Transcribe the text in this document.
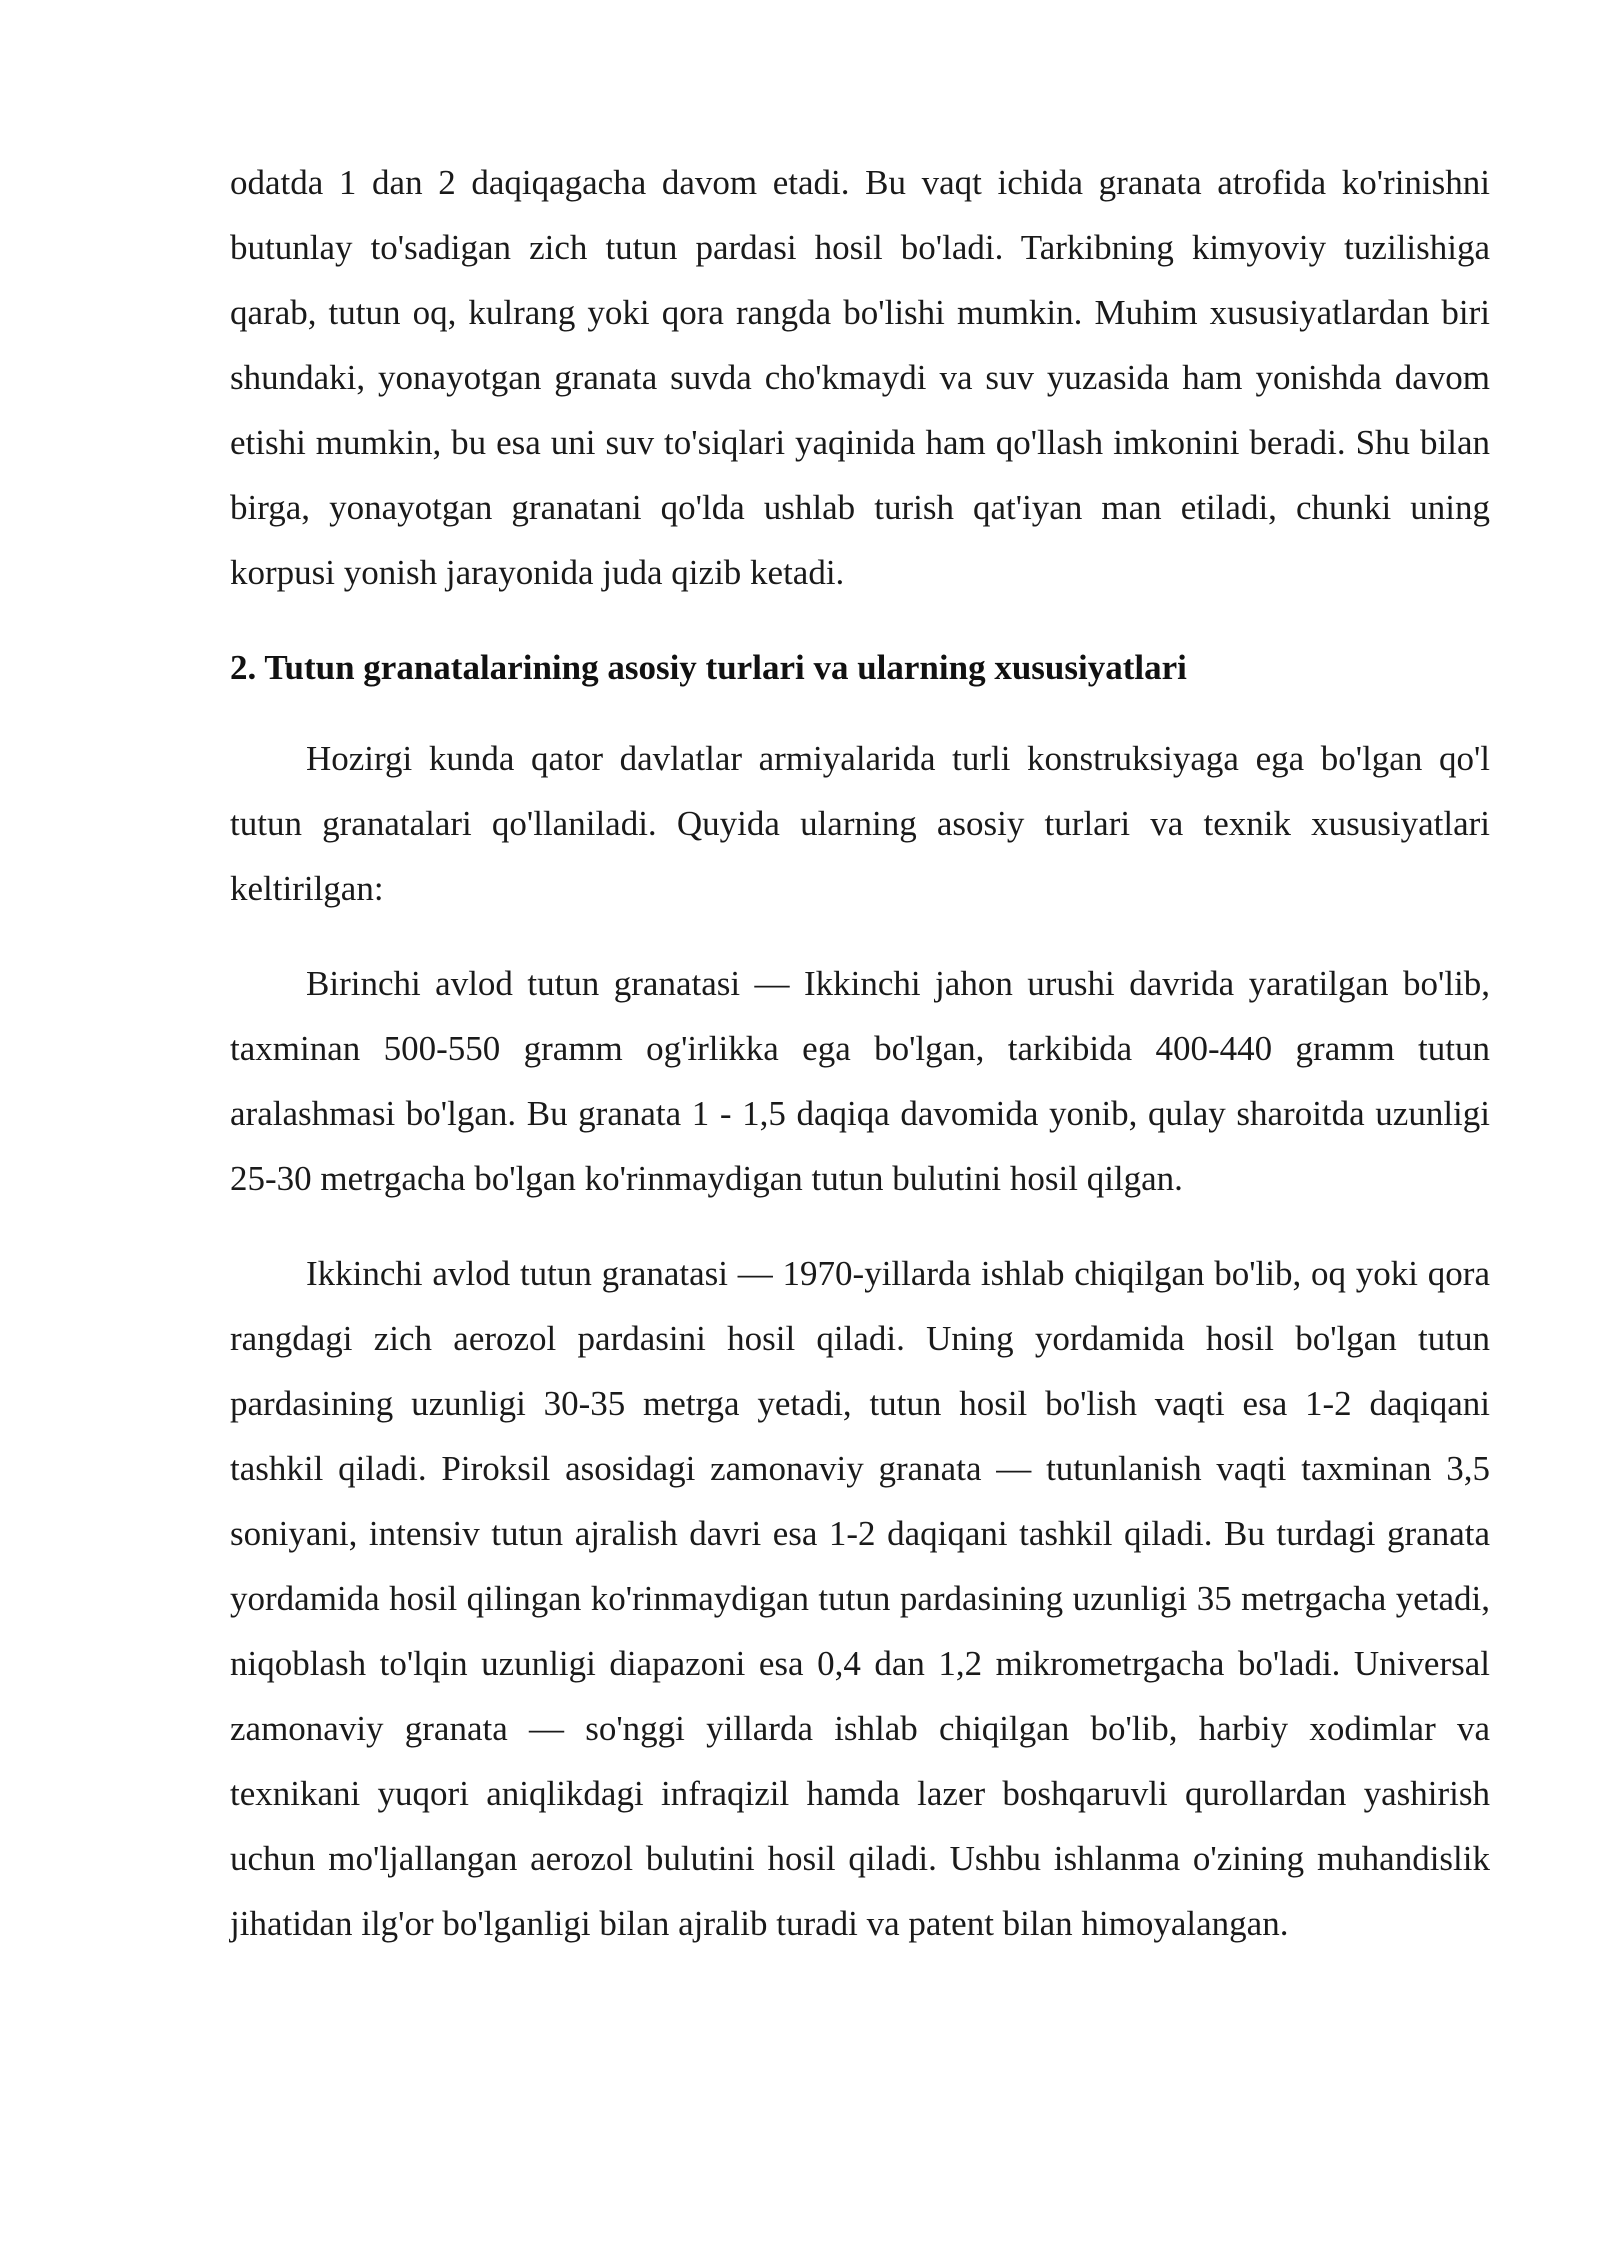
odatda 1 dan 2 daqiqagacha davom etadi. Bu vaqt ichida granata atrofida ko'rinishni butunlay to'sadigan zich tutun pardasi hosil bo'ladi. Tarkibning kimyoviy tuzilishiga qarab, tutun oq, kulrang yoki qora rangda bo'lishi mumkin. Muhim xususiyatlardan biri shundaki, yonayotgan granata suvda cho'kmaydi va suv yuzasida ham yonishda davom etishi mumkin, bu esa uni suv to'siqlari yaqinida ham qo'llash imkonini beradi. Shu bilan birga, yonayotgan granatani qo'lda ushlab turish qat'iyan man etiladi, chunki uning korpusi yonish jarayonida juda qizib ketadi.

2. Tutun granatalarining asosiy turlari va ularning xususiyatlari

Hozirgi kunda qator davlatlar armiyalarida turli konstruksiyaga ega bo'lgan qo'l tutun granatalari qo'llaniladi. Quyida ularning asosiy turlari va texnik xususiyatlari keltirilgan:

Birinchi avlod tutun granatasi — Ikkinchi jahon urushi davrida yaratilgan bo'lib, taxminan 500-550 gramm og'irlikka ega bo'lgan, tarkibida 400-440 gramm tutun aralashmasi bo'lgan. Bu granata 1 - 1,5 daqiqa davomida yonib, qulay sharoitda uzunligi 25-30 metrgacha bo'lgan ko'rinmaydigan tutun bulutini hosil qilgan.

Ikkinchi avlod tutun granatasi — 1970-yillarda ishlab chiqilgan bo'lib, oq yoki qora rangdagi zich aerozol pardasini hosil qiladi. Uning yordamida hosil bo'lgan tutun pardasining uzunligi 30-35 metrga yetadi, tutun hosil bo'lish vaqti esa 1-2 daqiqani tashkil qiladi. Piroksil asosidagi zamonaviy granata — tutunlanish vaqti taxminan 3,5 soniyani, intensiv tutun ajralish davri esa 1-2 daqiqani tashkil qiladi. Bu turdagi granata yordamida hosil qilingan ko'rinmaydigan tutun pardasining uzunligi 35 metrgacha yetadi, niqoblash to'lqin uzunligi diapazoni esa 0,4 dan 1,2 mikrometrgacha bo'ladi. Universal zamonaviy granata — so'nggi yillarda ishlab chiqilgan bo'lib, harbiy xodimlar va texnikani yuqori aniqlikdagi infraqizil hamda lazer boshqaruvli qurollardan yashirish uchun mo'ljallangan aerozol bulutini hosil qiladi. Ushbu ishlanma o'zining muhandislik jihatidan ilg'or bo'lganligi bilan ajralib turadi va patent bilan himoyalangan.
